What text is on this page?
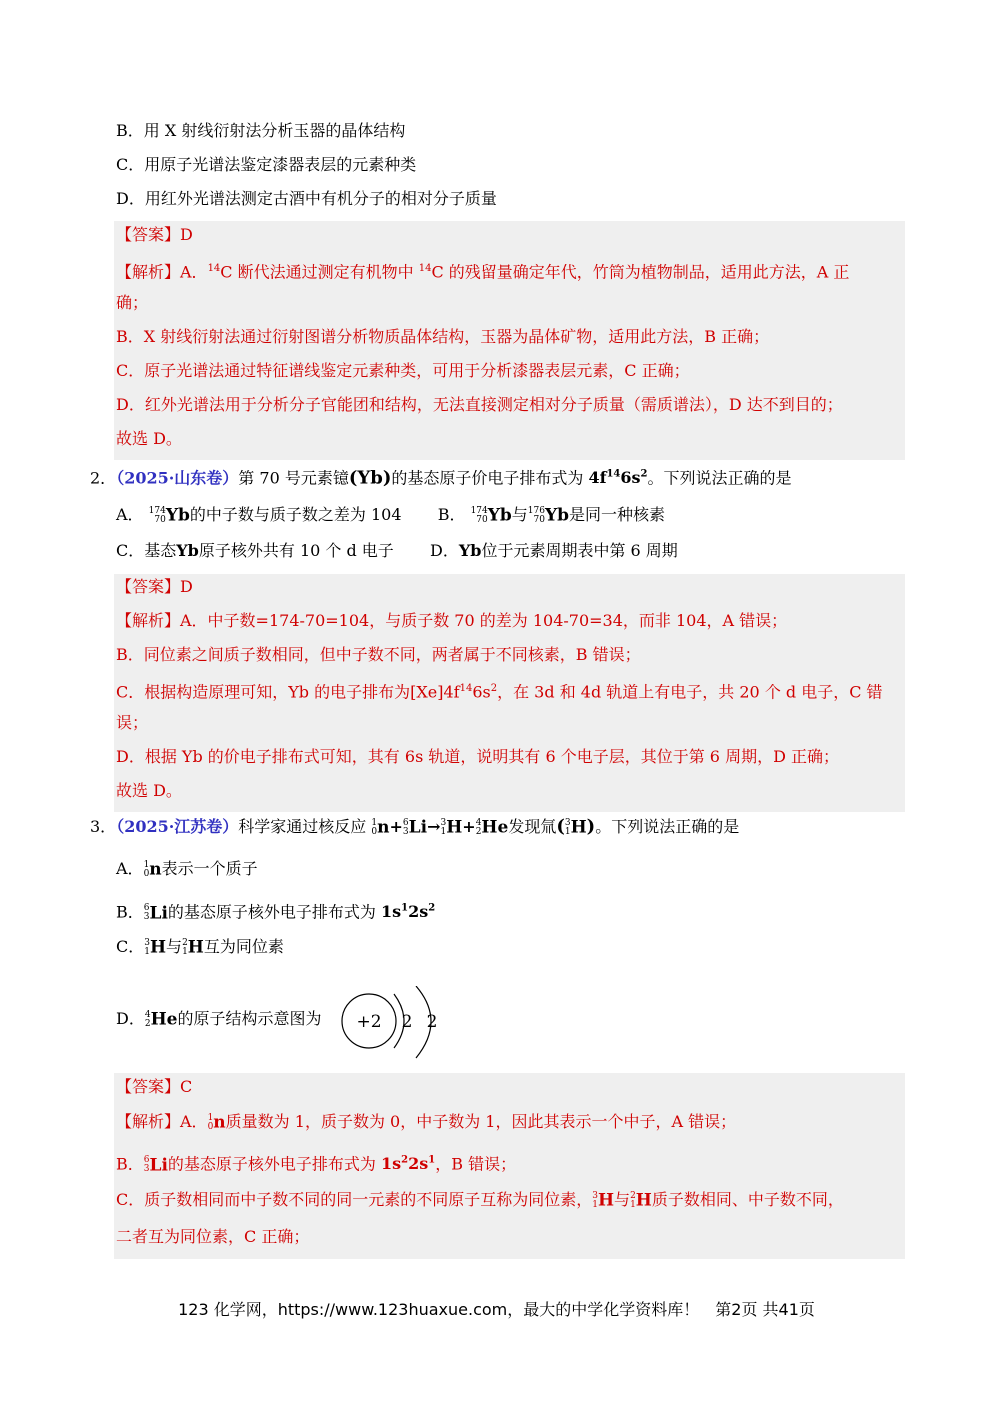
B．用 X 射线衍射法分析玉器的晶体结构
C．用原子光谱法鉴定漆器表层的元素种类
D．用红外光谱法测定古酒中有机分子的相对分子质量
【答案】D
【解析】A．$^{14}$C 断代法通过测定有机物中 $^{14}$C 的残留量确定年代，竹筒为植物制品，适用此方法，A 正
确；
B．X 射线衍射法通过衍射图谱分析物质晶体结构，玉器为晶体矿物，适用此方法，B 正确；
C．原子光谱法通过特征谱线鉴定元素种类，可用于分析漆器表层元素，C 正确；
D．红外光谱法用于分析分子官能团和结构，无法直接测定相对分子质量（需质谱法），D 达不到目的；
故选 D。
2．（2025·山东卷）第 70 号元素镱(Yb)的基态原子价电子排布式为 $4f^{14}6s^2$。下列说法正确的是
A． 174
70 Yb的中子数与质子数之差为 104 B． 174
70 Yb与 176
70 Yb是同一种核素
C．基态Yb原子核外共有 10 个 d 电子 D．Yb位于元素周期表中第 6 周期
【答案】D
【解析】A．中子数=174-70=104，与质子数 70 的差为 104-70=34，而非 104，A 错误；
B．同位素之间质子数相同，但中子数不同，两者属于不同核素，B 错误；
C．根据构造原理可知，Yb 的电子排布为$[Xe]4f^{14}6s^2$，在 3d 和 4d 轨道上有电子，共 20 个 d 电子，C 错
误；
D．根据 Yb 的价电子排布式可知，其有 6s 轨道，说明其有 6 个电子层，其位于第 6 周期，D 正确；
故选 D。
3．（2025·江苏卷）科学家通过核反应 1
0 n+ 6
3 Li→ 3
1 H+ 4
2 He发现氚( 3
1 H)。下列说法正确的是
A． 1
0 n表示一个质子
B． 6
3 Li的基态原子核外电子排布式为 $1s^12s^2$
C． 3
1 H与 2
1 H互为同位素
D． 4
2 He的原子结构示意图为 +2 2 2
【答案】C
【解析】A． 1
0 n质量数为 1，质子数为 0，中子数为 1，因此其表示一个中子，A 错误；
B． 6
3 Li的基态原子核外电子排布式为 $1s^22s^1$，B 错误；
C．质子数相同而中子数不同的同一元素的不同原子互称为同位素， 3
1 H与 2
1 H质子数相同、中子数不同，
二者互为同位素，C 正确；
123 化学网，https://www.123huaxue.com，最大的中学化学资料库！　第2页 共41页
